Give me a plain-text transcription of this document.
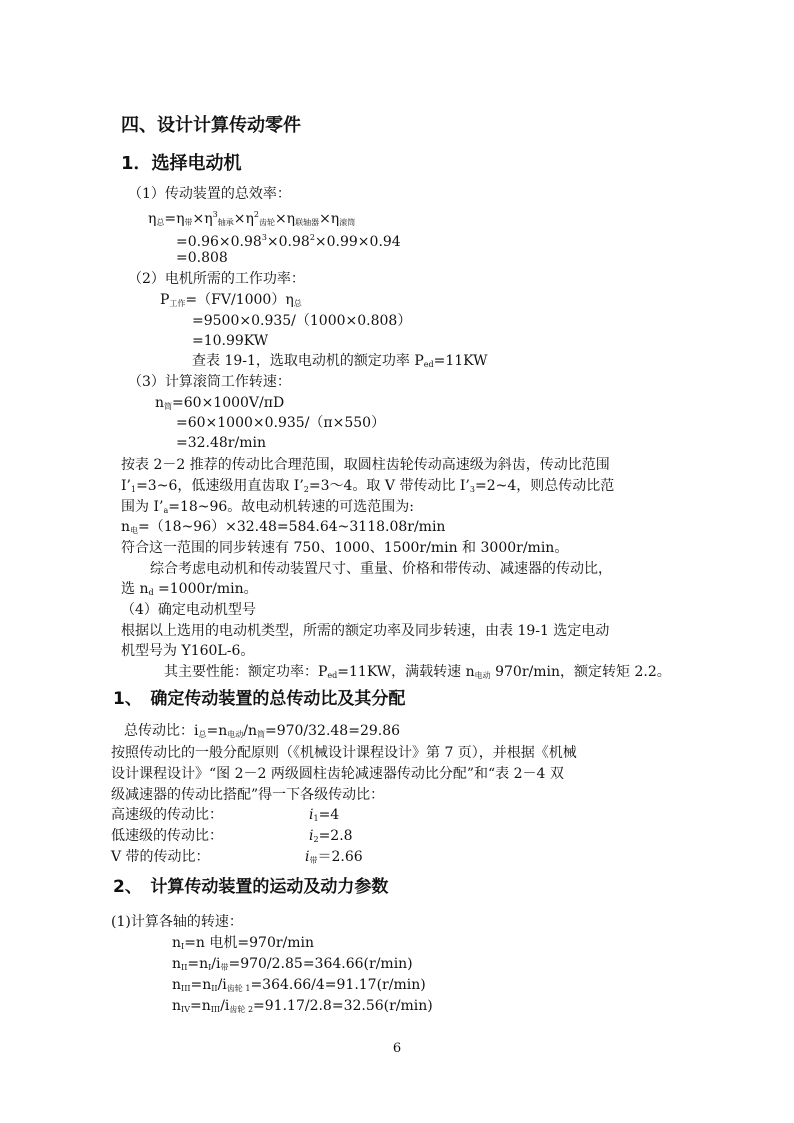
四、设计计算传动零件
1．选择电动机
（1）传动装置的总效率：
$\eta_总=\eta_带\times\eta^3_{轴承}\times\eta^2_{齿轮}\times\eta_{联轴器}\times\eta_{滚筒}$
$=0.96\times 0.98^3\times 0.98^2\times 0.99\times 0.94$
=0.808
（2）电机所需的工作功率：
$P_{工作}=(FV/1000)\eta_总$
=9500×0.935/（1000×0.808）
=10.99KW
查表 19-1，选取电动机的额定功率 $P_{ed}=11KW$
（3）计算滚筒工作转速：
$n_筒=60\times 1000V/\pi D$
=60×1000×0.935/（π×550）
=32.48r/min
按表 2－2 推荐的传动比合理范围，取圆柱齿轮传动高速级为斜齿，传动比范围
$I’_1=3\sim 6$，低速级用直齿取 $I’_2=3\sim 4$。取 V 带传动比 $I’_3=2\sim 4$，则总传动比范
围为 $I’_a=18\sim 96$。故电动机转速的可选范围为:
$n_电=(18\sim 96)\times 32.48=584.64\sim 3118.08r/\min$
符合这一范围的同步转速有 750、1000、1500r/min 和 3000r/min。
综合考虑电动机和传动装置尺寸、重量、价格和带传动、减速器的传动比，
选 $n_d =1000r/\min$。
（4）确定电动机型号
根据以上选用的电动机类型，所需的额定功率及同步转速，由表 19-1 选定电动
机型号为 Y160L-6。
其主要性能：额定功率：$P_{ed}=11KW$，满载转速 $n_{电动}$ 970r/min，额定转矩 2.2。
1、　确定传动装置的总传动比及其分配
总传动比：$i_总=n_{电动}/n_筒=970/32.48=29.86$
按照传动比的一般分配原则（《机械设计课程设计》第 7 页），并根据《机械
设计课程设计》“图 2－2 两级圆柱齿轮减速器传动比分配”和“表 2－4 双
级减速器的传动比搭配”得一下各级传动比：
高速级的传动比：	$i_1=4$
低速级的传动比：	$i_2=2.8$
V 带的传动比：	$i_带=2.66$
2、　计算传动装置的运动及动力参数
(1)计算各轴的转速：
$n_I=n$ 电机=970r/min
$n_{II}=n_I/i_带=970/2.85=364.66(r/\min)$
$n_{III}=n_{II}/i_{齿轮 1}=364.66/4=91.17(r/\min)$
$n_{IV}=n_{III}/i_{齿轮 2}=91.17/2.8=32.56(r/\min)$
6
